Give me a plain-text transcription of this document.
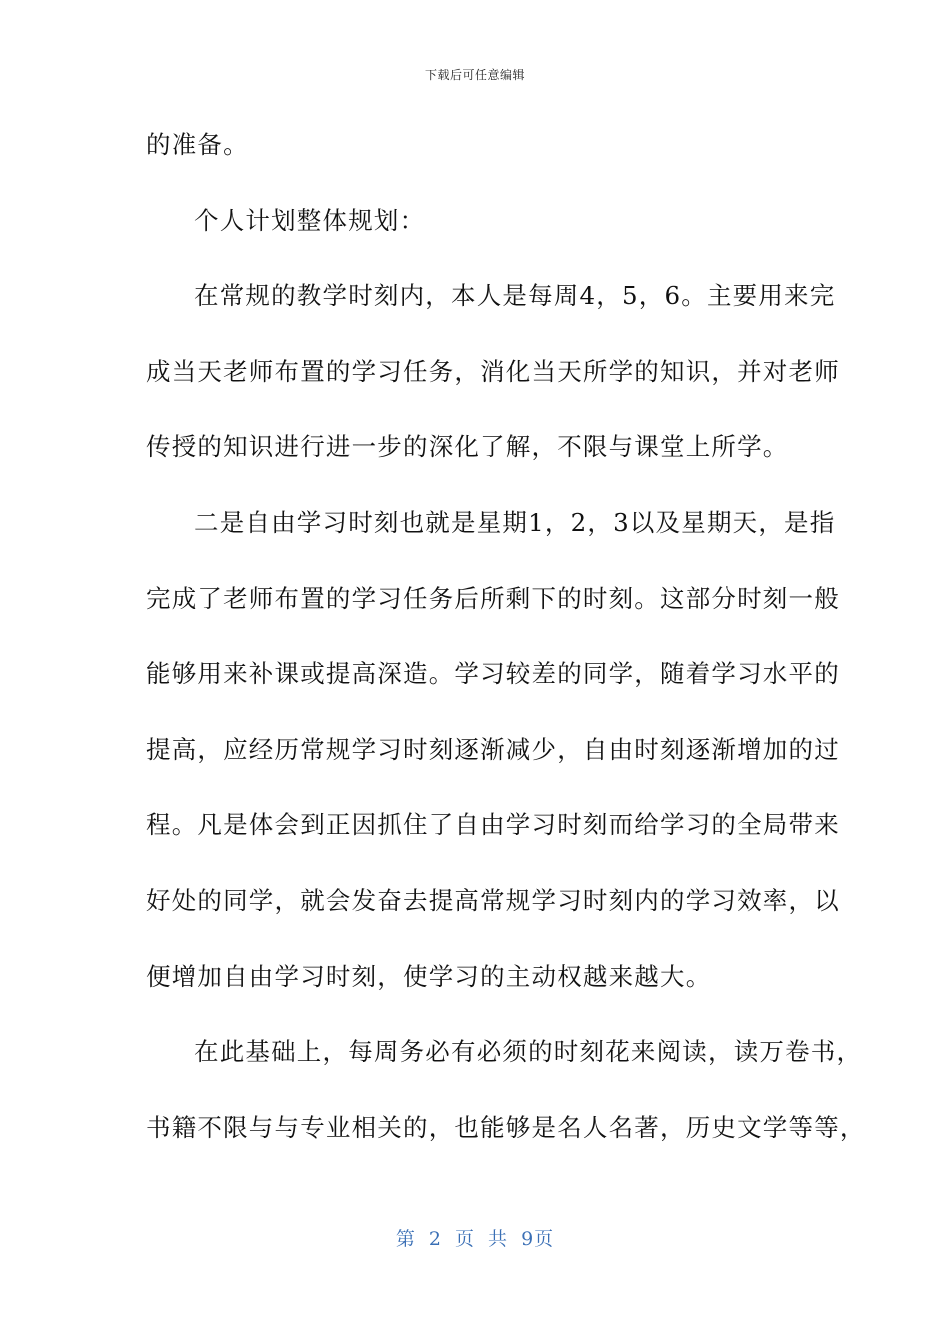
下载后可任意编辑
的准备。
个人计划整体规划：
在常规的教学时刻内，本人是每周4，5，6。主要用来完
成当天老师布置的学习任务，消化当天所学的知识，并对老师
传授的知识进行进一步的深化了解，不限与课堂上所学。
二是自由学习时刻也就是星期1，2，3以及星期天，是指
完成了老师布置的学习任务后所剩下的时刻。这部分时刻一般
能够用来补课或提高深造。学习较差的同学，随着学习水平的
提高，应经历常规学习时刻逐渐减少，自由时刻逐渐增加的过
程。凡是体会到正因抓住了自由学习时刻而给学习的全局带来
好处的同学，就会发奋去提高常规学习时刻内的学习效率，以
便增加自由学习时刻，使学习的主动权越来越大。
在此基础上，每周务必有必须的时刻花来阅读，读万卷书，
书籍不限与与专业相关的，也能够是名人名著，历史文学等等，
第 2 页 共 9页
